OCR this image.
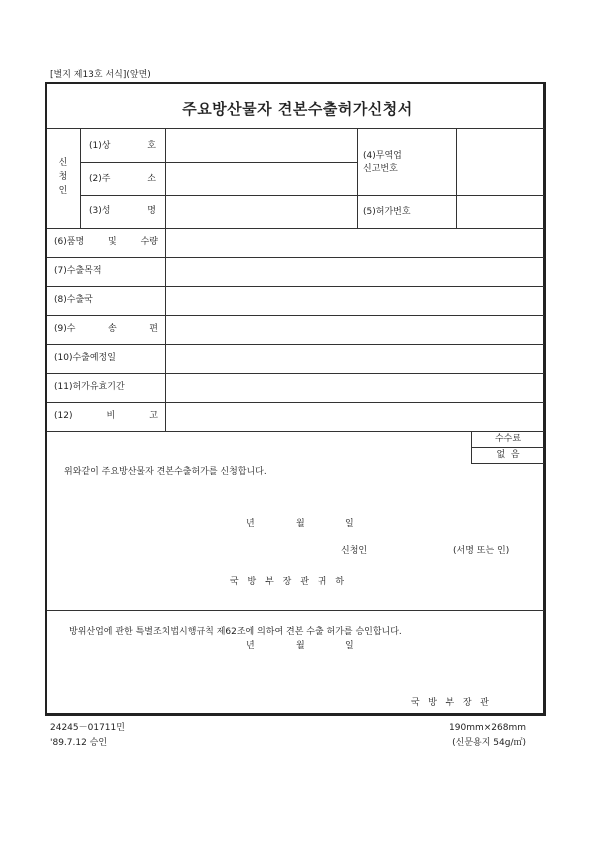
[별지 제13호 서식](앞면)
주요방산물자 견본수출허가신청서
신
청
인
(1)상	호
(2)주	소
(3)성	명
(4)무역업
신고번호
(5)허가번호
(6)품명	및	수량
(7)수출목적
(8)수출국
(9)수	송	편
(10)수출예정일
(11)허가유효기간
(12)	비	고
수수료
없  음
위와같이 주요방산물자 견본수출허가를 신청합니다.
년	월	일
신청인	(서명 또는 인)
국 방 부 장 관 귀 하
방위산업에 관한 특별조치법시행규칙 제62조에 의하여 견본 수출 허가를 승인합니다.
년	월	일
국   방   부   장   관
24245－01711민
'89.7.12 승인
190mm×268mm
(신문용지 54g/㎡)
